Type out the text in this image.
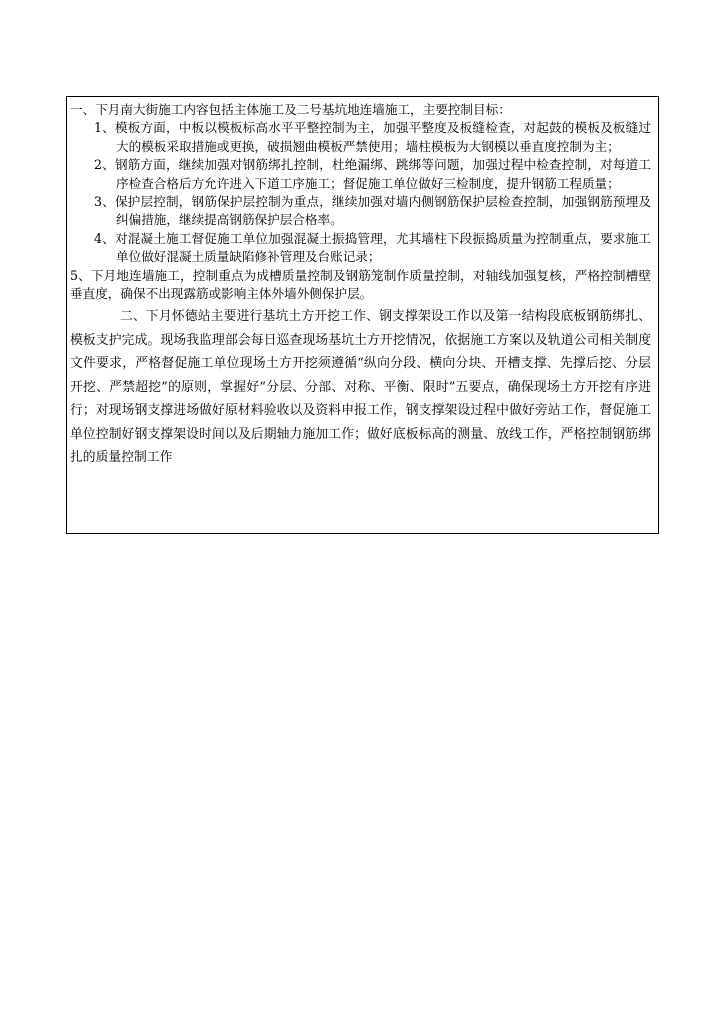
一、下月南大街施工内容包括主体施工及二号基坑地连墙施工，主要控制目标：

1、模板方面，中板以模板标高水平平整控制为主，加强平整度及板缝检查，对起鼓的模板及板缝过大的模板采取措施或更换，破损翘曲模板严禁使用；墙柱模板为大钢模以垂直度控制为主；

2、钢筋方面，继续加强对钢筋绑扎控制，杜绝漏绑、跳绑等问题，加强过程中检查控制，对每道工序检查合格后方允许进入下道工序施工；督促施工单位做好三检制度，提升钢筋工程质量；

3、保护层控制，钢筋保护层控制为重点，继续加强对墙内侧钢筋保护层检查控制，加强钢筋预埋及纠偏措施，继续提高钢筋保护层合格率。

4、对混凝土施工督促施工单位加强混凝土振捣管理，尤其墙柱下段振捣质量为控制重点，要求施工单位做好混凝土质量缺陷修补管理及台账记录；

5、下月地连墙施工，控制重点为成槽质量控制及钢筋笼制作质量控制，对轴线加强复核，严格控制槽壁垂直度，确保不出现露筋或影响主体外墙外侧保护层。

二、下月怀德站主要进行基坑土方开挖工作、钢支撑架设工作以及第一结构段底板钢筋绑扎、模板支护完成。现场我监理部会每日巡查现场基坑土方开挖情况，依据施工方案以及轨道公司相关制度文件要求，严格督促施工单位现场土方开挖须遵循“纵向分段、横向分块、开槽支撑、先撑后挖、分层开挖、严禁超挖”的原则，掌握好“分层、分部、对称、平衡、限时”五要点，确保现场土方开挖有序进行；对现场钢支撑进场做好原材料验收以及资料申报工作，钢支撑架设过程中做好旁站工作，督促施工单位控制好钢支撑架设时间以及后期轴力施加工作；做好底板标高的测量、放线工作，严格控制钢筋绑扎的质量控制工作
